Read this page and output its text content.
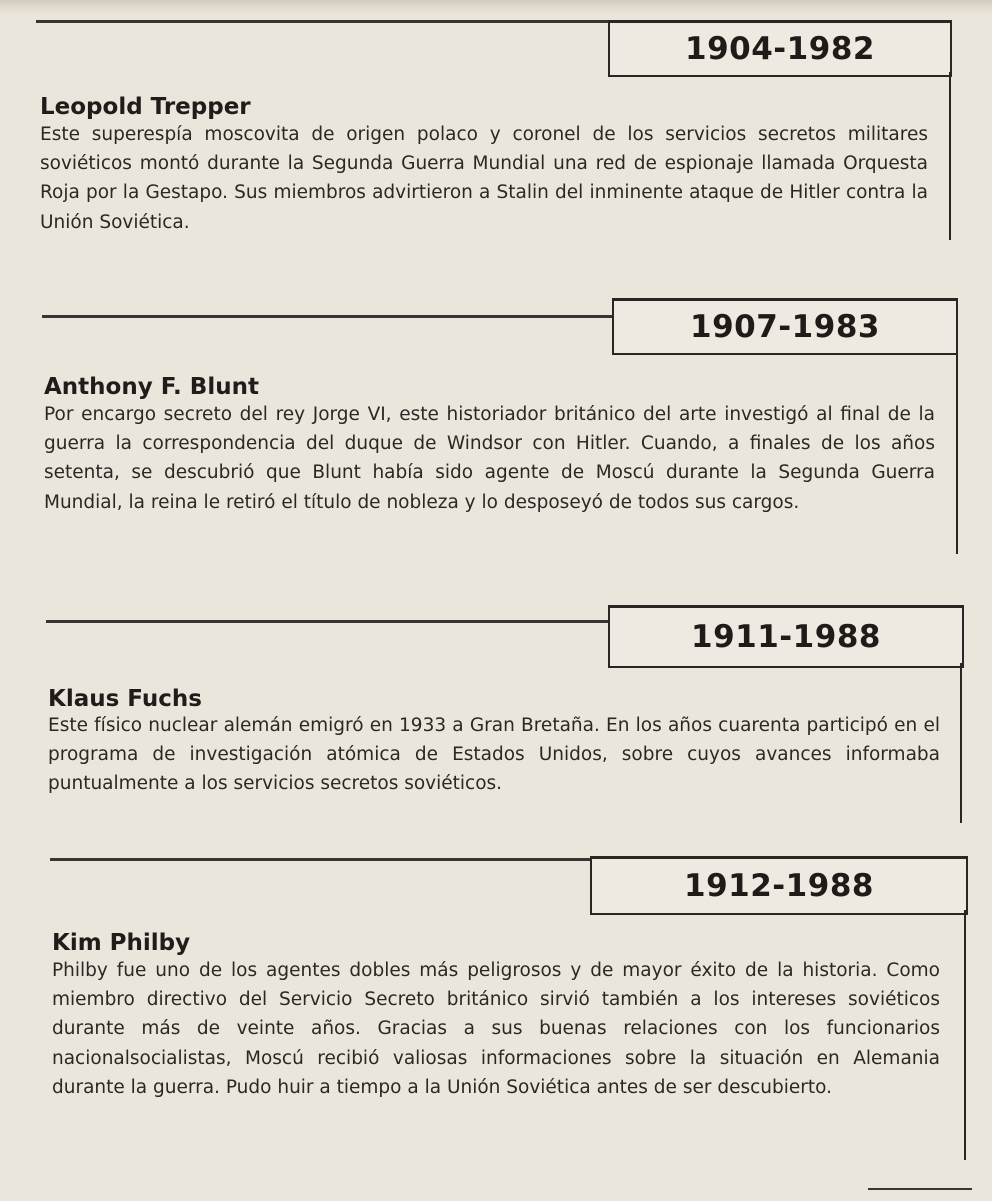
1904-1982
Leopold Trepper

Este superespía moscovita de origen polaco y coronel de los servicios secretos militares soviéticos montó durante la Segunda Guerra Mundial una red de espionaje llamada Orquesta Roja por la Gestapo. Sus miembros advirtieron a Stalin del inminente ataque de Hitler contra la Unión Soviética.

1907-1983
Anthony F. Blunt

Por encargo secreto del rey Jorge VI, este historiador británico del arte investigó al final de la guerra la correspondencia del duque de Windsor con Hitler. Cuando, a finales de los años setenta, se descubrió que Blunt había sido agente de Moscú durante la Segunda Guerra Mundial, la reina le retiró el título de nobleza y lo desposeyó de todos sus cargos.

1911-1988
Klaus Fuchs

Este físico nuclear alemán emigró en 1933 a Gran Bretaña. En los años cuarenta participó en el programa de investigación atómica de Estados Unidos, sobre cuyos avances informaba puntualmente a los servicios secretos soviéticos.

1912-1988
Kim Philby

Philby fue uno de los agentes dobles más peligrosos y de mayor éxito de la historia. Como miembro directivo del Servicio Secreto británico sirvió también a los intereses soviéticos durante más de veinte años. Gracias a sus buenas relaciones con los funcionarios nacionalsocialistas, Moscú recibió valiosas informaciones sobre la situación en Alemania durante la guerra. Pudo huir a tiempo a la Unión Soviética antes de ser descubierto.
